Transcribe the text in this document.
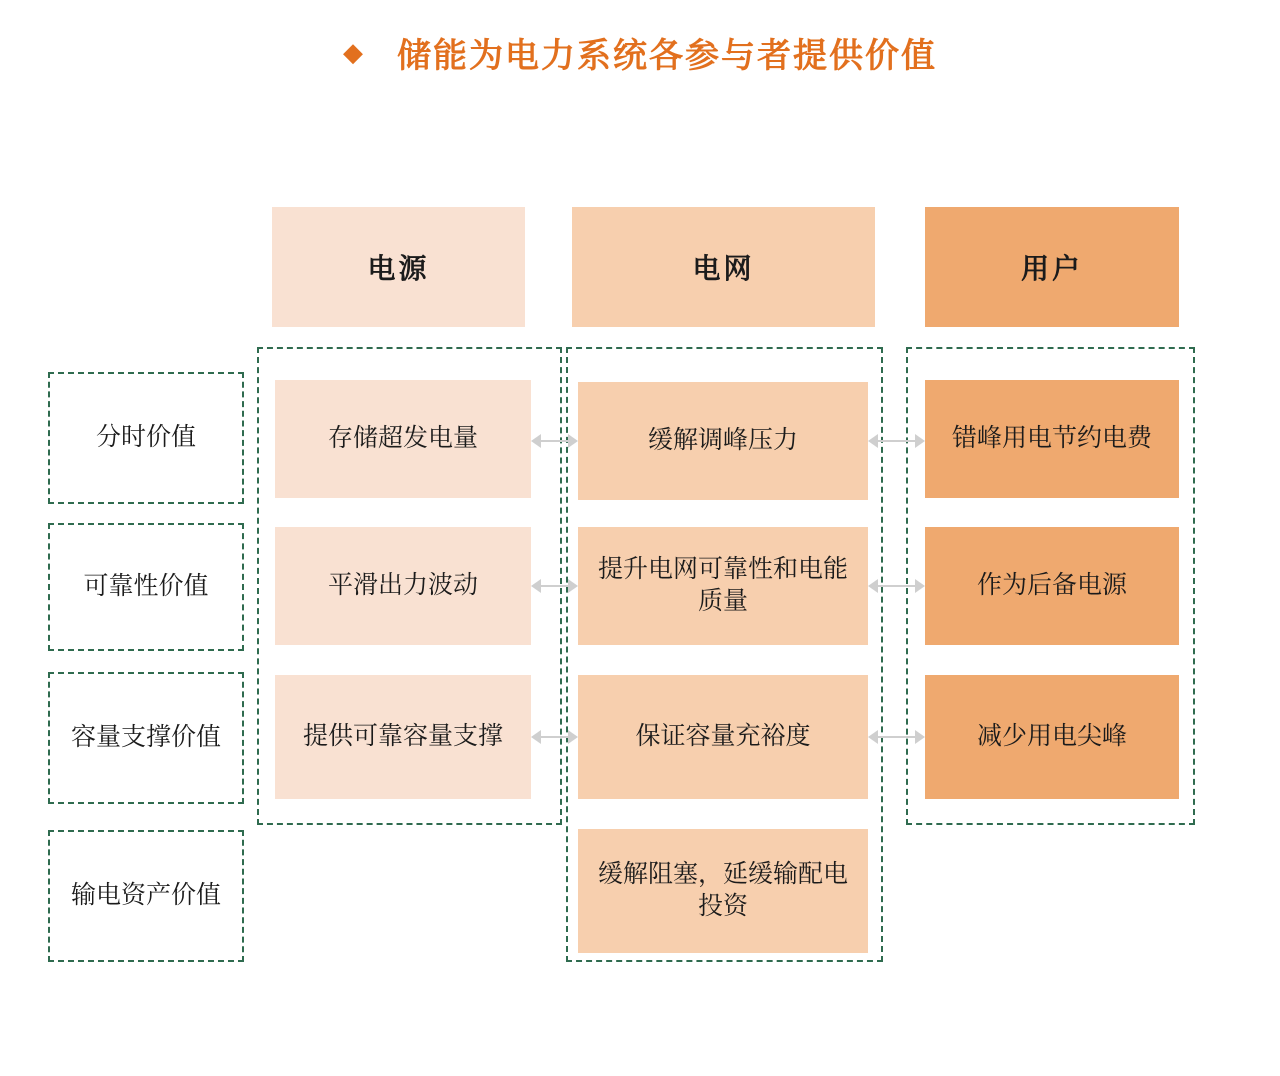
◆ 储能为电力系统各参与者提供价值
电源	电网	用户
分时价值
可靠性价值
容量支撑价值
输电资产价值
存储超发电量
平滑出力波动
提供可靠容量支撑
缓解调峰压力
提升电网可靠性和电能质量
保证容量充裕度
缓解阻塞，延缓输配电投资
错峰用电节约电费
作为后备电源
减少用电尖峰
